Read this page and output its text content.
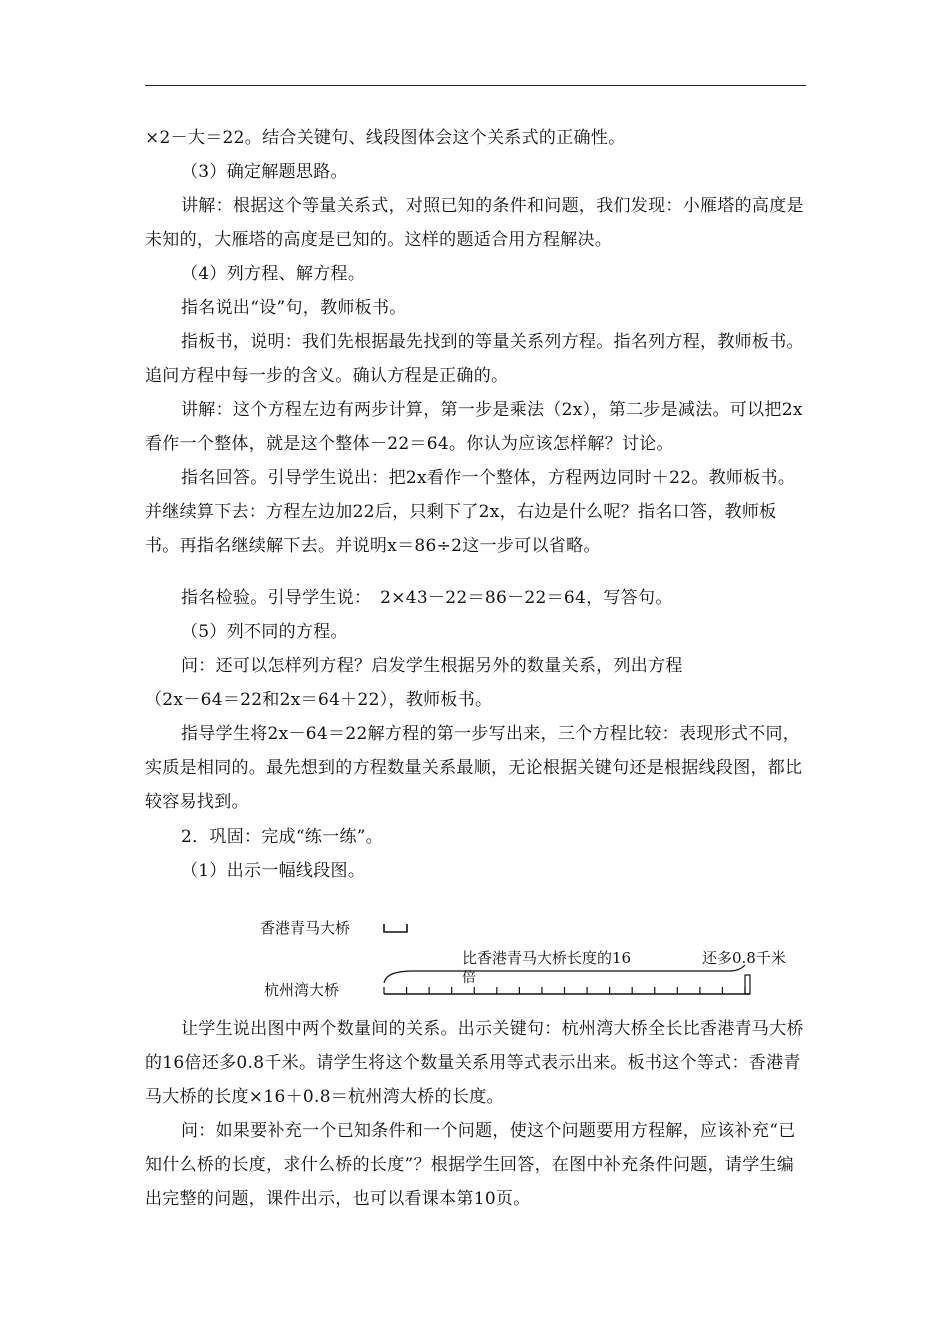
×2－大＝22。结合关键句、线段图体会这个关系式的正确性。

（3）确定解题思路。

讲解：根据这个等量关系式，对照已知的条件和问题，我们发现：小雁塔的高度是未知的，大雁塔的高度是已知的。这样的题适合用方程解决。

（4）列方程、解方程。

指名说出“设”句，教师板书。

指板书，说明：我们先根据最先找到的等量关系列方程。指名列方程，教师板书。追问方程中每一步的含义。确认方程是正确的。

讲解：这个方程左边有两步计算，第一步是乘法（2x），第二步是减法。可以把2x看作一个整体，就是这个整体－22＝64。你认为应该怎样解？讨论。

指名回答。引导学生说出：把2x看作一个整体，方程两边同时＋22。教师板书。并继续算下去：方程左边加22后，只剩下了2x，右边是什么呢？指名口答，教师板书。再指名继续解下去。并说明x＝86÷2这一步可以省略。

指名检验。引导学生说：　2×43－22＝86－22＝64，写答句。

（5）列不同的方程。

问：还可以怎样列方程？启发学生根据另外的数量关系，列出方程

（2x－64＝22和2x＝64＋22），教师板书。

指导学生将2x－64＝22解方程的第一步写出来，三个方程比较：表现形式不同，实质是相同的。最先想到的方程数量关系最顺，无论根据关键句还是根据线段图，都比较容易找到。

2．巩固：完成“练一练”。

（1）出示一幅线段图。

香港青马大桥
杭州湾大桥
比香港青马大桥长度的16
倍
还多0.8千米

让学生说出图中两个数量间的关系。出示关键句：杭州湾大桥全长比香港青马大桥的16倍还多0.8千米。请学生将这个数量关系用等式表示出来。板书这个等式：香港青马大桥的长度×16＋0.8＝杭州湾大桥的长度。

问：如果要补充一个已知条件和一个问题，使这个问题要用方程解，应该补充“已知什么桥的长度，求什么桥的长度”？根据学生回答，在图中补充条件问题，请学生编出完整的问题，课件出示，也可以看课本第10页。
